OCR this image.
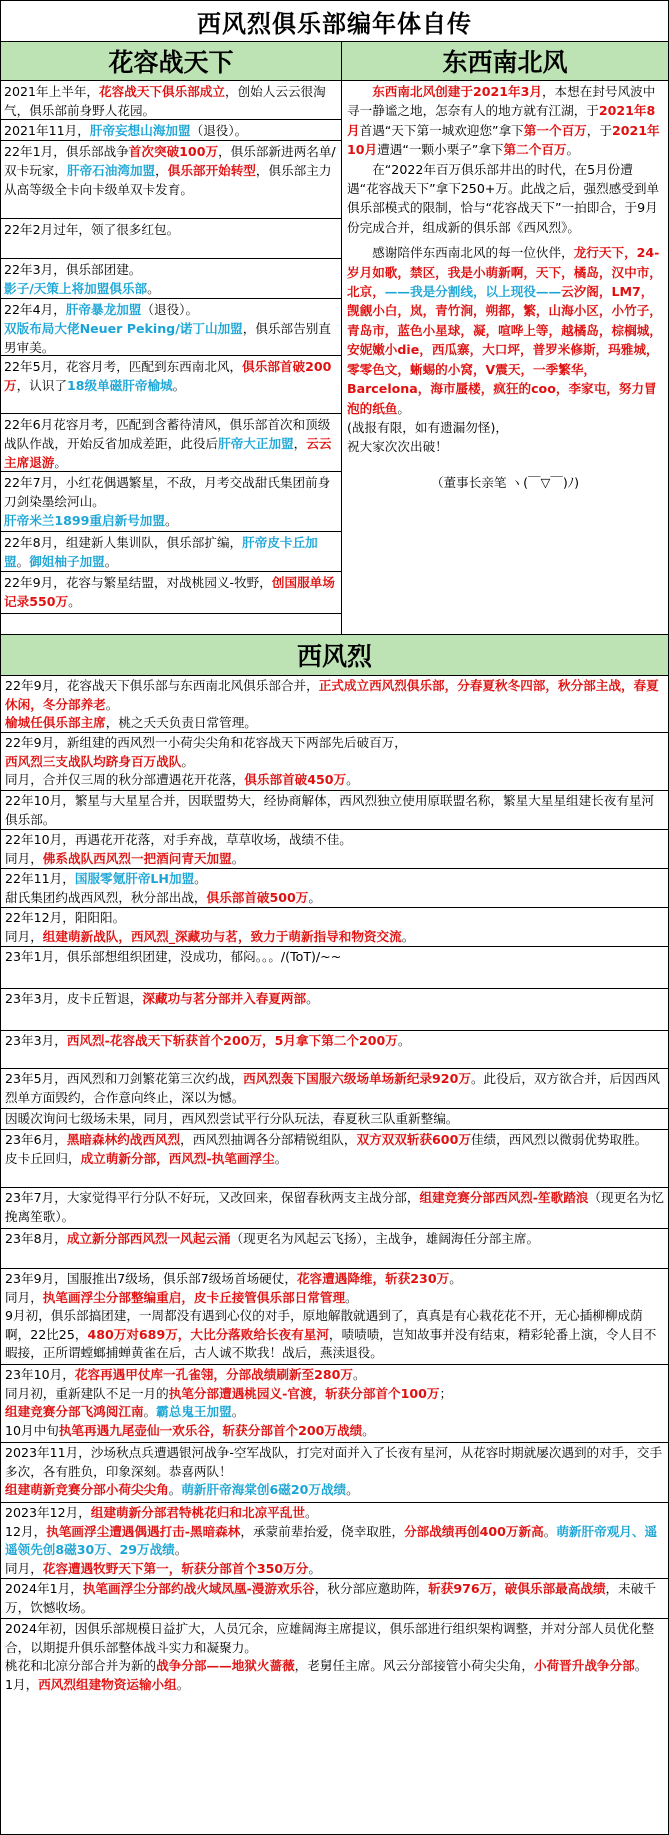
西风烈俱乐部编年体自传
花容战天下	东西南北风
2021年上半年，花容战天下俱乐部成立，创始人云云很淘气，俱乐部前身野人花园。
2021年11月，肝帝妄想山海加盟（退役）。
22年1月，俱乐部战争首次突破100万，俱乐部新进两名单/双卡玩家，肝帝石油湾加盟，俱乐部开始转型，俱乐部主力从高等级全卡向卡级单双卡发育。
22年2月过年，领了很多红包。
22年3月，俱乐部团建。
影子/天策上将加盟俱乐部。
22年4月，肝帝暴龙加盟（退役）。
双版布局大佬Neuer Peking/诺丁山加盟，俱乐部告别直男审美。
22年5月，花容月考，匹配到东西南北风，俱乐部首破200万，认识了18级单磁肝帝榆城。
22年6月花容月考，匹配到含蓄待清风，俱乐部首次和顶级战队作战，开始反省加成差距，此役后肝帝大正加盟，云云主席退游。
22年7月，小红花偶遇繁星，不敌，月考交战甜氏集团前身刀剑染墨绘河山。
肝帝米兰1899重启新号加盟。
22年8月，组建新人集训队，俱乐部扩编，肝帝皮卡丘加盟。御姐柚子加盟。
22年9月，花容与繁星结盟，对战桃园义-牧野，创国服单场记录550万。
东西南北风创建于2021年3月，本想在封号风波中寻一静谧之地，怎奈有人的地方就有江湖，于2021年8月首遇“天下第一城欢迎您”拿下第一个百万，于2021年10月遭遇“一颗小栗子”拿下第二个百万。
在“2022年百万俱乐部井出的时代，在5月份遭遇“花容战天下”拿下250+万。此战之后，强烈感受到单俱乐部模式的限制，恰与“花容战天下”一拍即合，于9月份完成合并，组成新的俱乐部《西风烈》。
感谢陪伴东西南北风的每一位伙伴，龙行天下，24-岁月如歌，禁区，我是小萌新啊，天下，橘岛，汉中市，北京，——我是分割线，以上现役——云汐阁，LM7，觊觎小白，岚，青竹涧，朔都，繁，山海小区，小竹子，青岛市，蓝色小星球，凝，喧哗上等，越橘岛，棕榈城，安妮嫩小die，西瓜寨，大口坪，普罗米修斯，玛雅城，零零色文，蜥蜴的小窝，V震天，一季繁华，Barcelona，海市蜃楼，疯狂的coo，李家屯，努力冒泡的纸鱼。
(战报有限，如有遗漏勿怪)，
祝大家次次出破！
（董事长亲笔 ヽ(￣▽￣)ﾉ)
西风烈
22年9月，花容战天下俱乐部与东西南北风俱乐部合并，正式成立西风烈俱乐部，分春夏秋冬四部，秋分部主战，春夏休闲，冬分部养老。
榆城任俱乐部主席，桃之夭夭负责日常管理。
22年9月，新组建的西风烈一小荷尖尖角和花容战天下两部先后破百万，
西风烈三支战队均跻身百万战队。
同月，合并仅三周的秋分部遭遇花开花落，俱乐部首破450万。
22年10月，繁星与大星星合并，因联盟势大，经协商解体，西风烈独立使用原联盟名称，繁星大星星组建长夜有星河俱乐部。
22年10月，再遇花开花落，对手弃战，草草收场，战绩不佳。
同月，佛系战队西风烈一把酒问青天加盟。
22年11月，国服零氪肝帝LH加盟。
甜氏集团约战西风烈，秋分部出战，俱乐部首破500万。
22年12月，阳阳阳。
同月，组建萌新战队，西风烈_深藏功与茗，致力于萌新指导和物资交流。
23年1月，俱乐部想组织团建，没成功，郁闷。。。/(ToT)/~~
23年3月，皮卡丘暂退，深藏功与茗分部并入春夏两部。
23年3月，西风烈-花容战天下斩获首个200万，5月拿下第二个200万。
23年5月，西风烈和刀剑繁花第三次约战，西风烈轰下国服六级场单场新纪录920万。此役后，双方欲合并，后因西风烈单方面毁约，合作意向终止，深以为憾。
因暖次询问七级场未果，同月，西风烈尝试平行分队玩法，春夏秋三队重新整编。
23年6月，黑暗森林约战西风烈，西风烈抽调各分部精锐组队，双方双双斩获600万佳绩，西风烈以微弱优势取胜。
皮卡丘回归，成立萌新分部，西风烈-执笔画浮尘。
23年7月，大家觉得平行分队不好玩，又改回来，保留春秋两支主战分部，组建竞赛分部西风烈-笙歌踏浪（现更名为忆挽离笙歌）。
23年8月，成立新分部西风烈一风起云涌（现更名为风起云飞扬），主战争，雄阔海任分部主席。
23年9月，国服推出7级场，俱乐部7级场首场硬仗，花容遭遇降维，斩获230万。
同月，执笔画浮尘分部整编重启，皮卡丘接管俱乐部日常管理。
9月初，俱乐部搞团建，一周都没有遇到心仪的对手，原地解散就遇到了，真真是有心栽花花不开，无心插柳柳成荫啊，22比25，480万对689万，大比分落败给长夜有星河，啧啧啧，岂知故事并没有结束，精彩轮番上演，令人目不暇接，正所谓螳螂捕蝉黄雀在后，古人诚不欺我！战后，燕渎退役。
23年10月，花容再遇甲仗库一孔雀翎，分部战绩刷新至280万。
同月初，重新建队不足一月的执笔分部遭遇桃园义-官渡，斩获分部首个100万；
组建竞赛分部飞鸿阅江南。霸总鬼王加盟。
10月中旬执笔再遇九尾壶仙一欢乐谷，斩获分部首个200万战绩。
2023年11月，沙场秋点兵遭遇银河战争-空军战队，打完对面并入了长夜有星河，从花容时期就屡次遇到的对手，交手多次，各有胜负，印象深刻。恭喜两队！
组建萌新竞赛分部小荷尖尖角。萌新肝帝海棠创6磁20万战绩。
2023年12月，组建萌新分部君特桃花归和北凉平乱世。
12月，执笔画浮尘遭遇偶遇打击-黑暗森林，承蒙前辈抬爱，侥幸取胜，分部战绩再创400万新高。萌新肝帝观月、遥遥领先创8磁30万、29万战绩。
同月，花容遭遇牧野天下第一，斩获分部首个350万分。
2024年1月，执笔画浮尘分部约战火域凤凰-漫游欢乐谷，秋分部应邀助阵，斩获976万，破俱乐部最高战绩，未破千万，饮憾收场。

2024年初，因俱乐部规模日益扩大，人员冗余，应雄阔海主席提议，俱乐部进行组织架构调整，并对分部人员优化整合，以期提升俱乐部整体战斗实力和凝聚力。
桃花和北凉分部合并为新的战争分部——地狱火蔷薇，老舅任主席。风云分部接管小荷尖尖角，小荷晋升战争分部。
1月，西风烈组建物资运输小组。
